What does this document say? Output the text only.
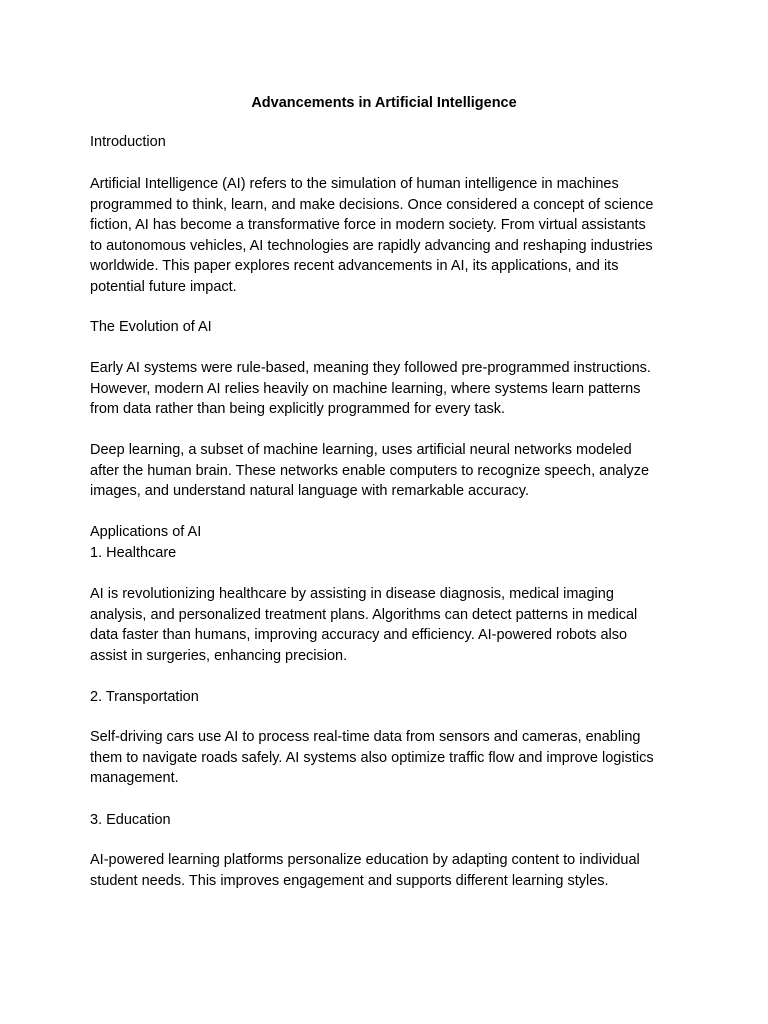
Advancements in Artificial Intelligence

Introduction

Artificial Intelligence (AI) refers to the simulation of human intelligence in machines
programmed to think, learn, and make decisions. Once considered a concept of science
fiction, AI has become a transformative force in modern society. From virtual assistants
to autonomous vehicles, AI technologies are rapidly advancing and reshaping industries
worldwide. This paper explores recent advancements in AI, its applications, and its
potential future impact.

The Evolution of AI

Early AI systems were rule-based, meaning they followed pre-programmed instructions.
However, modern AI relies heavily on machine learning, where systems learn patterns
from data rather than being explicitly programmed for every task.
Deep learning, a subset of machine learning, uses artificial neural networks modeled
after the human brain. These networks enable computers to recognize speech, analyze
images, and understand natural language with remarkable accuracy.

Applications of AI

1. Healthcare

AI is revolutionizing healthcare by assisting in disease diagnosis, medical imaging
analysis, and personalized treatment plans. Algorithms can detect patterns in medical
data faster than humans, improving accuracy and efficiency. AI-powered robots also
assist in surgeries, enhancing precision.

2. Transportation

Self-driving cars use AI to process real-time data from sensors and cameras, enabling
them to navigate roads safely. AI systems also optimize traffic flow and improve logistics
management.

3. Education

AI-powered learning platforms personalize education by adapting content to individual
student needs. This improves engagement and supports different learning styles.
